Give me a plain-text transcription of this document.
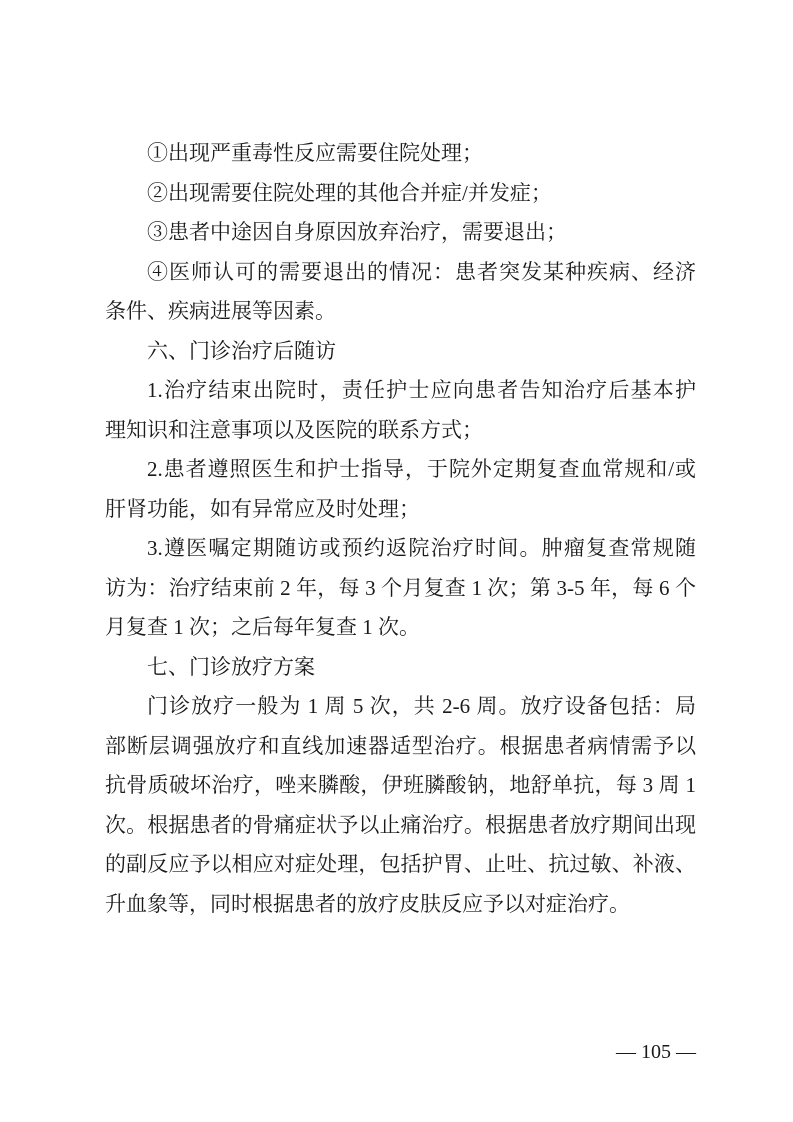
①出现严重毒性反应需要住院处理；
②出现需要住院处理的其他合并症/并发症；
③患者中途因自身原因放弃治疗，需要退出；
④医师认可的需要退出的情况：患者突发某种疾病、经济
条件、疾病进展等因素。
六、门诊治疗后随访
1.治疗结束出院时，责任护士应向患者告知治疗后基本护
理知识和注意事项以及医院的联系方式；
2.患者遵照医生和护士指导，于院外定期复查血常规和/或
肝肾功能，如有异常应及时处理；
3.遵医嘱定期随访或预约返院治疗时间。肿瘤复查常规随
访为：治疗结束前 2 年，每 3 个月复查 1 次；第 3-5 年，每 6 个
月复查 1 次；之后每年复查 1 次。
七、门诊放疗方案
门诊放疗一般为 1 周 5 次，共 2-6 周。放疗设备包括：局
部断层调强放疗和直线加速器适型治疗。根据患者病情需予以
抗骨质破坏治疗，唑来膦酸，伊班膦酸钠，地舒单抗，每 3 周 1
次。根据患者的骨痛症状予以止痛治疗。根据患者放疗期间出现
的副反应予以相应对症处理，包括护胃、止吐、抗过敏、补液、
升血象等，同时根据患者的放疗皮肤反应予以对症治疗。
— 105 —
